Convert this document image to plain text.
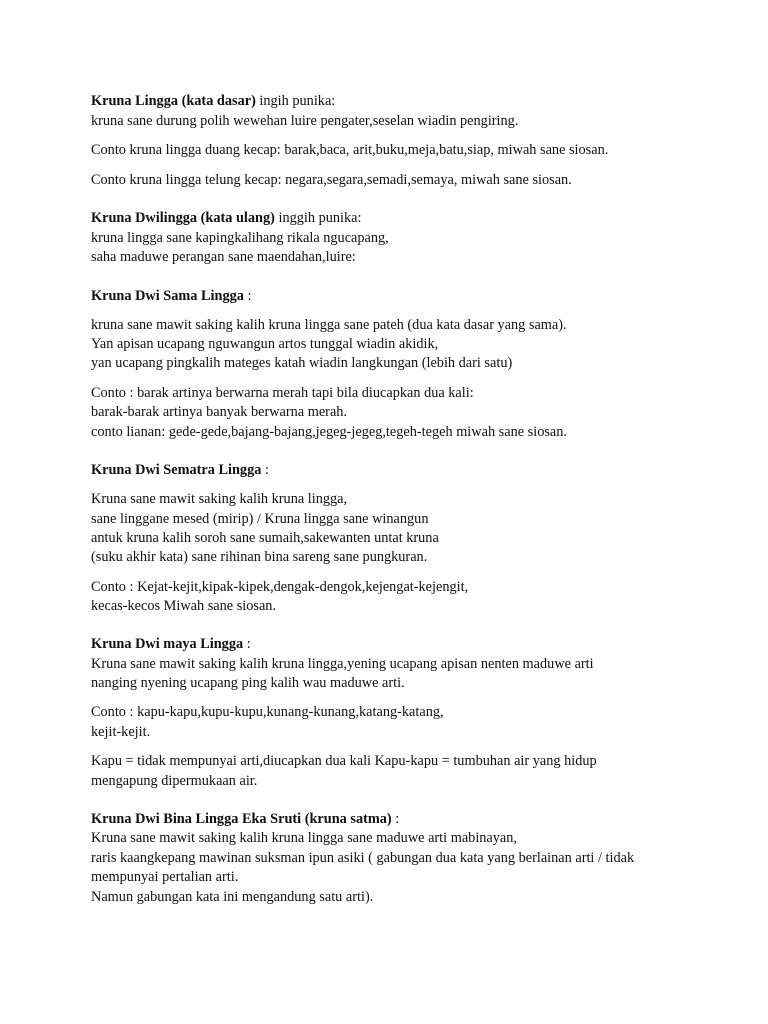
Kruna Lingga (kata dasar) ingih punika:
kruna sane durung polih wewehan luire pengater,seselan wiadin pengiring.
Conto kruna lingga duang kecap: barak,baca, arit,buku,meja,batu,siap, miwah sane siosan.
Conto kruna lingga telung kecap: negara,segara,semadi,semaya, miwah sane siosan.
Kruna Dwilingga (kata ulang) inggih punika:
kruna lingga sane kapingkalihang rikala ngucapang,
saha maduwe perangan sane maendahan,luire:
Kruna Dwi Sama Lingga :
kruna sane mawit saking kalih kruna lingga sane pateh (dua kata dasar yang sama).
Yan apisan ucapang nguwangun artos tunggal wiadin akidik,
yan ucapang pingkalih mateges katah wiadin langkungan (lebih dari satu)
Conto : barak artinya berwarna merah tapi bila diucapkan dua kali:
barak-barak artinya banyak berwarna merah.
conto lianan: gede-gede,bajang-bajang,jegeg-jegeg,tegeh-tegeh miwah sane siosan.
Kruna Dwi Sematra Lingga :
Kruna sane mawit saking kalih kruna lingga,
sane linggane mesed (mirip) / Kruna lingga sane winangun
antuk kruna kalih soroh sane sumaih,sakewanten untat kruna
(suku akhir kata) sane rihinan bina sareng sane pungkuran.
Conto : Kejat-kejit,kipak-kipek,dengak-dengok,kejengat-kejengit,
kecas-kecos Miwah sane siosan.
Kruna Dwi maya Lingga :
Kruna sane mawit saking kalih kruna lingga,yening ucapang apisan nenten maduwe arti
nanging nyening ucapang ping kalih wau maduwe arti.
Conto : kapu-kapu,kupu-kupu,kunang-kunang,katang-katang,
kejit-kejit.
Kapu = tidak mempunyai arti,diucapkan dua kali Kapu-kapu = tumbuhan air yang hidup
mengapung dipermukaan air.
Kruna Dwi Bina Lingga Eka Sruti (kruna satma) :
Kruna sane mawit saking kalih kruna lingga sane maduwe arti mabinayan,
raris kaangkepang mawinan suksman ipun asiki ( gabungan dua kata yang berlainan arti / tidak
mempunyai pertalian arti.
Namun gabungan kata ini mengandung satu arti).
